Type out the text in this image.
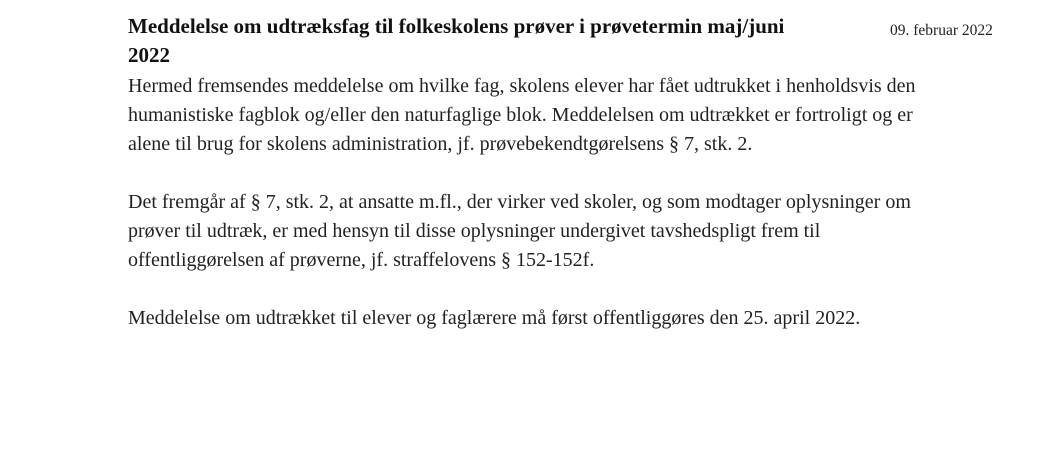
09. februar 2022
Meddelelse om udtræksfag til folkeskolens prøver i prøvetermin maj/juni 2022

Hermed fremsendes meddelelse om hvilke fag, skolens elever har fået udtrukket i henholdsvis den humanistiske fagblok og/eller den naturfaglige blok. Meddelelsen om udtrækket er fortroligt og er alene til brug for skolens administration, jf. prøvebekendtgørelsens § 7, stk. 2.

Det fremgår af § 7, stk. 2, at ansatte m.fl., der virker ved skoler, og som modtager oplysninger om prøver til udtræk, er med hensyn til disse oplysninger undergivet tavshedspligt frem til offentliggørelsen af prøverne, jf. straffelovens § 152-152f.

Meddelelse om udtrækket til elever og faglærere må først offentliggøres den 25. april 2022.
